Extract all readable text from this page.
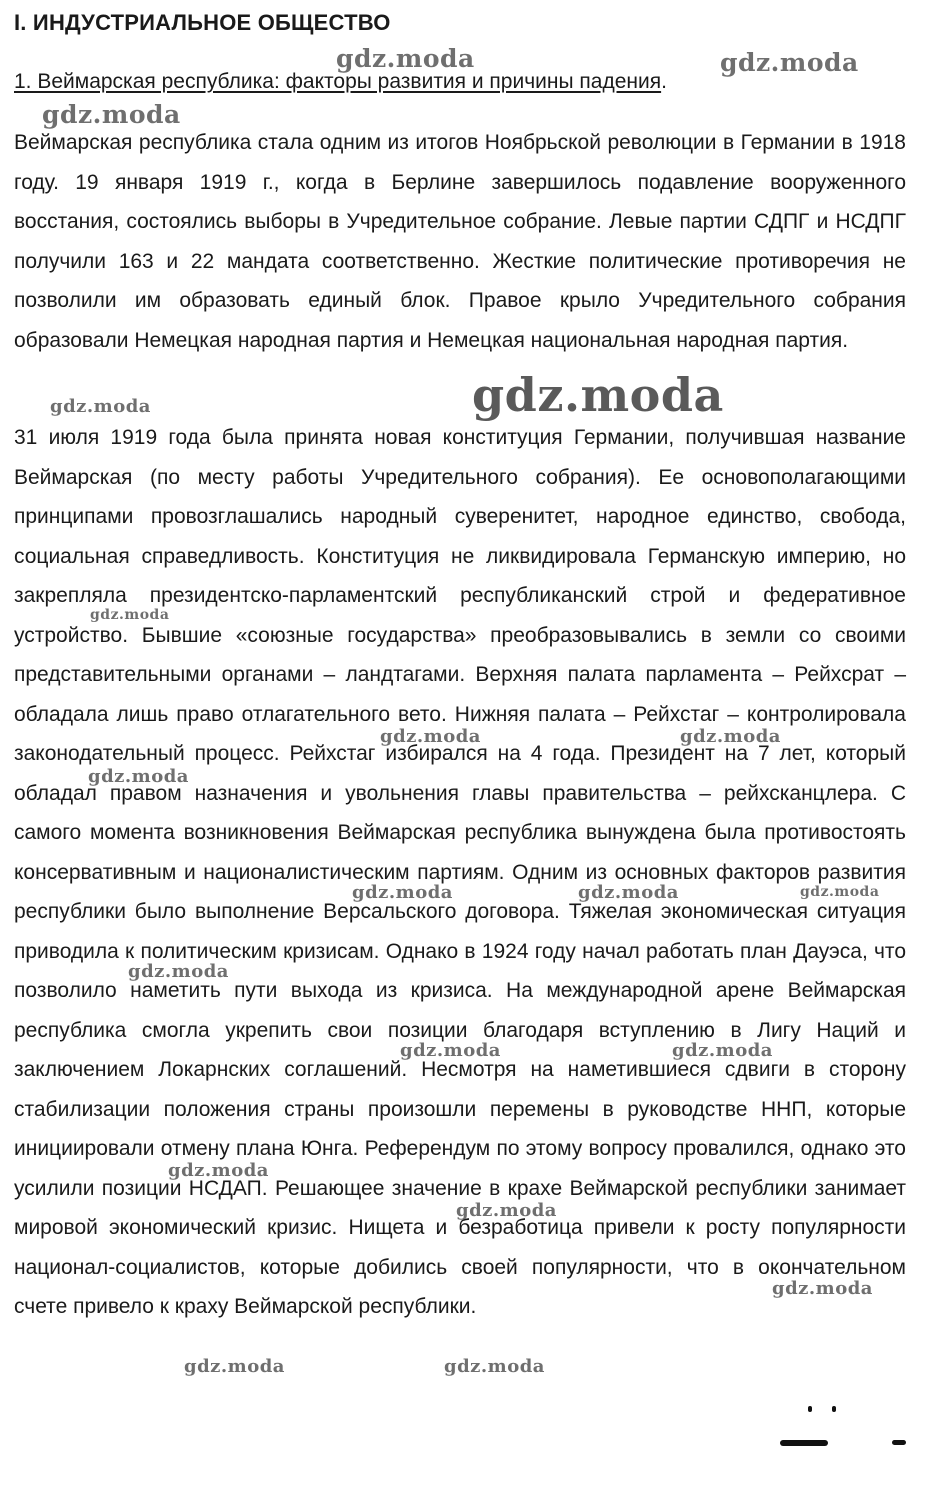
I. ИНДУСТРИАЛЬНОЕ ОБЩЕСТВО
1. Веймарская республика: факторы развития и причины падения.

Веймарская республика стала одним из итогов Ноябрьской революции в Германии в 1918 году. 19 января 1919 г., когда в Берлине завершилось подавление вооруженного восстания, состоялись выборы в Учредительное собрание. Левые партии СДПГ и НСДПГ получили 163 и 22 мандата соответственно. Жесткие политические противоречия не позволили им образовать единый блок. Правое крыло Учредительного собрания образовали Немецкая народная партия и Немецкая национальная народная партия.

31 июля 1919 года была принята новая конституция Германии, получившая название Веймарская (по месту работы Учредительного собрания). Ее основополагающими принципами провозглашались народный суверенитет, народное единство, свобода, социальная справедливость. Конституция не ликвидировала Германскую империю, но закрепляла президентско-парламентский республиканский строй и федеративное устройство. Бывшие «союзные государства» преобразовывались в земли со своими представительными органами – ландтагами. Верхняя палата парламента – Рейхсрат – обладала лишь право отлагательного вето. Нижняя палата – Рейхстаг – контролировала законодательный процесс. Рейхстаг избирался на 4 года. Президент на 7 лет, который обладал правом назначения и увольнения главы правительства – рейхсканцлера. С самого момента возникновения Веймарская республика вынуждена была противостоять консервативным и националистическим партиям. Одним из основных факторов развития республики было выполнение Версальского договора. Тяжелая экономическая ситуация приводила к политическим кризисам. Однако в 1924 году начал работать план Дауэса, что позволило наметить пути выхода из кризиса. На международной арене Веймарская республика смогла укрепить свои позиции благодаря вступлению в Лигу Наций и заключением Локарнских соглашений. Несмотря на наметившиеся сдвиги в сторону стабилизации положения страны произошли перемены в руководстве ННП, которые инициировали отмену плана Юнга. Референдум по этому вопросу провалился, однако это усилили позиции НСДАП. Решающее значение в крахе Веймарской республики занимает мировой экономический кризис. Нищета и безработица привели к росту популярности национал-социалистов, которые добились своей популярности, что в окончательном счете привело к краху Веймарской республики.

gdz.moda	gdz.moda
gdz.moda
gdz.moda
gdz.moda
gdz.moda
gdz.moda	gdz.moda
gdz.moda
gdz.moda	gdz.moda	gdz.moda
gdz.moda
gdz.moda	gdz.moda
gdz.moda
gdz.moda
gdz.moda
gdz.moda	gdz.moda
